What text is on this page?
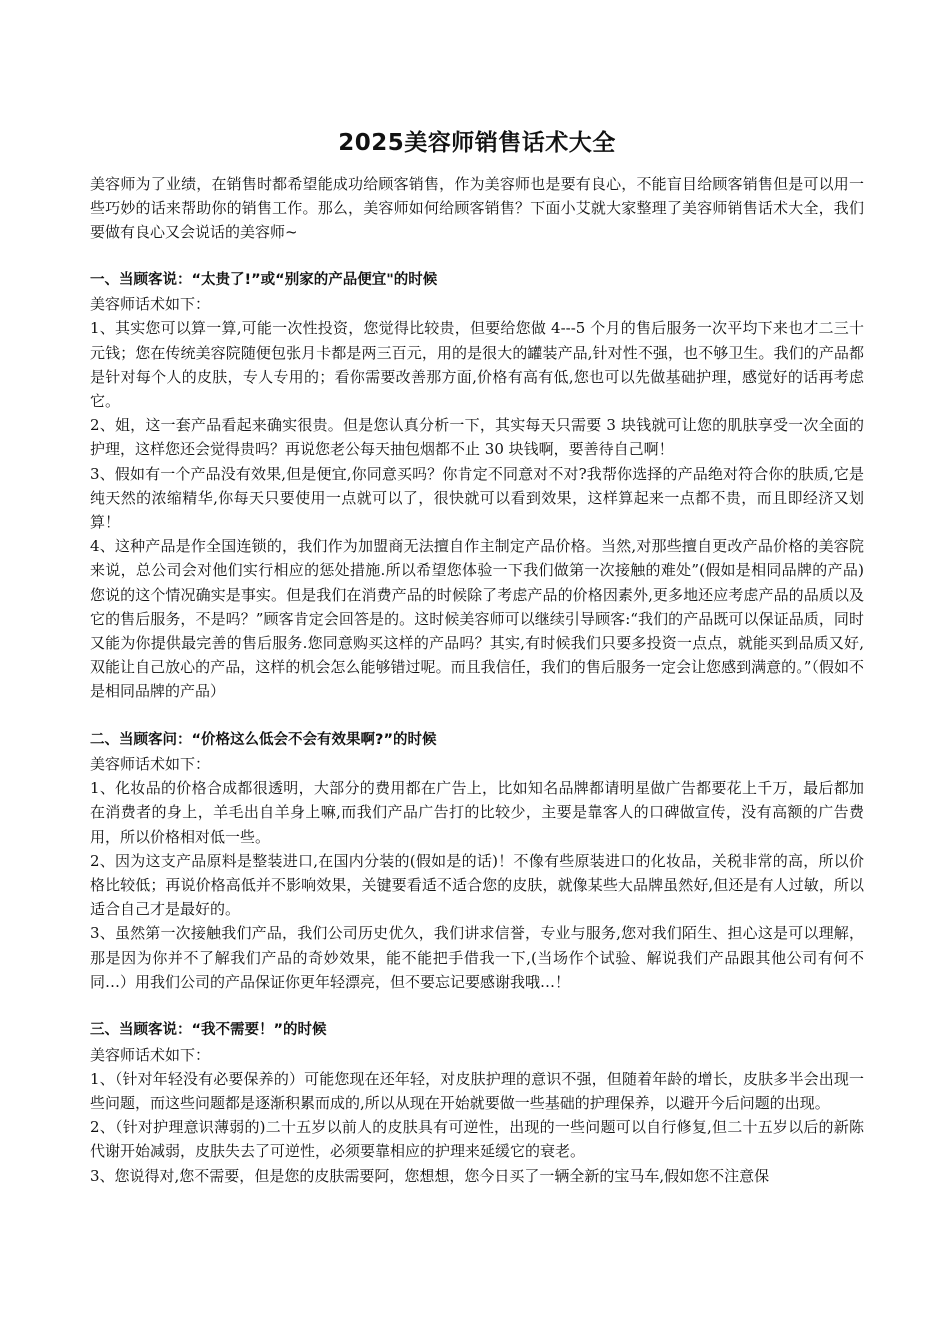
2025美容师销售话术大全

美容师为了业绩，在销售时都希望能成功给顾客销售，作为美容师也是要有良心，不能盲目给顾客销售但是可以用一些巧妙的话来帮助你的销售工作。那么，美容师如何给顾客销售？下面小艾就大家整理了美容师销售话术大全，我们要做有良心又会说话的美容师~

一、当顾客说：“太贵了!”或“别家的产品便宜"的时候

美容师话术如下：

1、其实您可以算一算,可能一次性投资，您觉得比较贵，但要给您做 4---5 个月的售后服务一次平均下来也才二三十元钱；您在传统美容院随便包张月卡都是两三百元，用的是很大的罐装产品,针对性不强，也不够卫生。我们的产品都是针对每个人的皮肤，专人专用的；看你需要改善那方面,价格有高有低,您也可以先做基础护理，感觉好的话再考虑它。

2、姐，这一套产品看起来确实很贵。但是您认真分析一下，其实每天只需要 3 块钱就可让您的肌肤享受一次全面的护理，这样您还会觉得贵吗？再说您老公每天抽包烟都不止 30 块钱啊，要善待自己啊！

3、假如有一个产品没有效果,但是便宜,你同意买吗？你肯定不同意对不对?我帮你选择的产品绝对符合你的肤质,它是纯天然的浓缩精华,你每天只要使用一点就可以了，很快就可以看到效果，这样算起来一点都不贵，而且即经济又划算！

4、这种产品是作全国连锁的，我们作为加盟商无法擅自作主制定产品价格。当然,对那些擅自更改产品价格的美容院来说，总公司会对他们实行相应的惩处措施.所以希望您体验一下我们做第一次接触的难处”(假如是相同品牌的产品)您说的这个情况确实是事实。但是我们在消费产品的时候除了考虑产品的价格因素外,更多地还应考虑产品的品质以及它的售后服务，不是吗？”顾客肯定会回答是的。这时候美容师可以继续引导顾客:“我们的产品既可以保证品质，同时又能为你提供最完善的售后服务.您同意购买这样的产品吗？其实,有时候我们只要多投资一点点，就能买到品质又好,双能让自己放心的产品，这样的机会怎么能够错过呢。而且我信任，我们的售后服务一定会让您感到满意的。”（假如不是相同品牌的产品）

二、当顾客问：“价格这么低会不会有效果啊?”的时候

美容师话术如下：

1、化妆品的价格合成都很透明，大部分的费用都在广告上，比如知名品牌都请明星做广告都要花上千万，最后都加在消费者的身上，羊毛出自羊身上嘛,而我们产品广告打的比较少，主要是靠客人的口碑做宣传，没有高额的广告费用，所以价格相对低一些。

2、因为这支产品原料是整装进口,在国内分装的(假如是的话)！不像有些原装进口的化妆品，关税非常的高，所以价格比较低；再说价格高低并不影响效果，关键要看适不适合您的皮肤，就像某些大品牌虽然好,但还是有人过敏，所以适合自己才是最好的。

3、虽然第一次接触我们产品，我们公司历史优久，我们讲求信誉，专业与服务,您对我们陌生、担心这是可以理解，那是因为你并不了解我们产品的奇妙效果，能不能把手借我一下,(当场作个试验、解说我们产品跟其他公司有何不同…）用我们公司的产品保证你更年轻漂亮，但不要忘记要感谢我哦…！

三、当顾客说：“我不需要！”的时候

美容师话术如下：

1、（针对年轻没有必要保养的）可能您现在还年轻，对皮肤护理的意识不强，但随着年龄的增长，皮肤多半会出现一些问题，而这些问题都是逐渐积累而成的,所以从现在开始就要做一些基础的护理保养，以避开今后问题的出现。

2、（针对护理意识薄弱的)二十五岁以前人的皮肤具有可逆性，出现的一些问题可以自行修复,但二十五岁以后的新陈代谢开始减弱，皮肤失去了可逆性，必须要靠相应的护理来延缓它的衰老。

3、您说得对,您不需要，但是您的皮肤需要阿，您想想，您今日买了一辆全新的宝马车,假如您不注意保
